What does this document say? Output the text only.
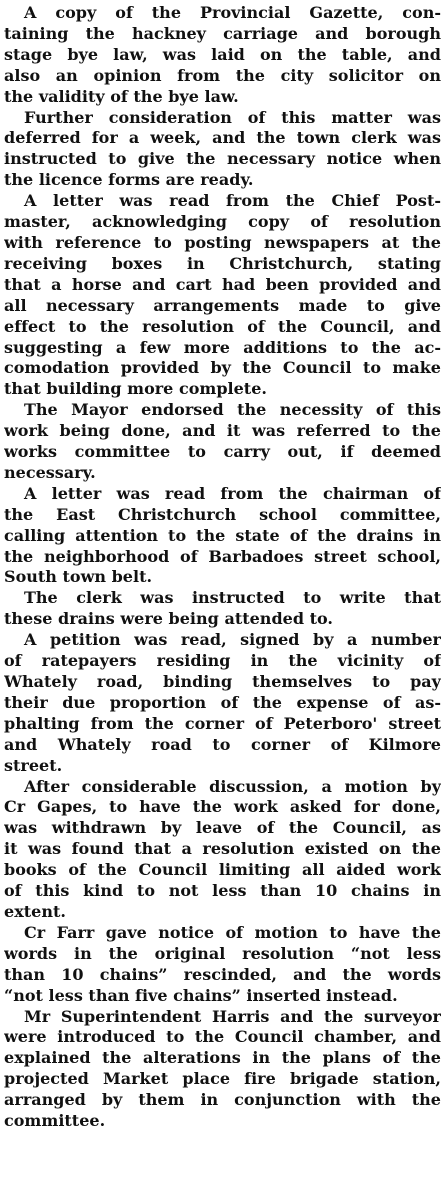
A copy of the Provincial Gazette, con-
taining the hackney carriage and borough
stage bye law, was laid on the table, and
also an opinion from the city solicitor on
the validity of the bye law.

Further consideration of this matter was
deferred for a week, and the town clerk was
instructed to give the necessary notice when
the licence forms are ready.

A letter was read from the Chief Post-
master, acknowledging copy of resolution
with reference to posting newspapers at the
receiving boxes in Christchurch, stating
that a horse and cart had been provided and
all necessary arrangements made to give
effect to the resolution of the Council, and
suggesting a few more additions to the ac-
comodation provided by the Council to make
that building more complete.

The Mayor endorsed the necessity of this
work being done, and it was referred to the
works committee to carry out, if deemed
necessary.

A letter was read from the chairman of
the East Christchurch school committee,
calling attention to the state of the drains in
the neighborhood of Barbadoes street school,
South town belt.

The clerk was instructed to write that
these drains were being attended to.

A petition was read, signed by a number
of ratepayers residing in the vicinity of
Whately road, binding themselves to pay
their due proportion of the expense of as-
phalting from the corner of Peterboro' street
and Whately road to corner of Kilmore
street.

After considerable discussion, a motion by
Cr Gapes, to have the work asked for done,
was withdrawn by leave of the Council, as
it was found that a resolution existed on the
books of the Council limiting all aided work
of this kind to not less than 10 chains in
extent.

Cr Farr gave notice of motion to have the
words in the original resolution “not less
than 10 chains” rescinded, and the words
“not less than five chains” inserted instead.

Mr Superintendent Harris and the surveyor
were introduced to the Council chamber, and
explained the alterations in the plans of the
projected Market place fire brigade station,
arranged by them in conjunction with the
committee.
